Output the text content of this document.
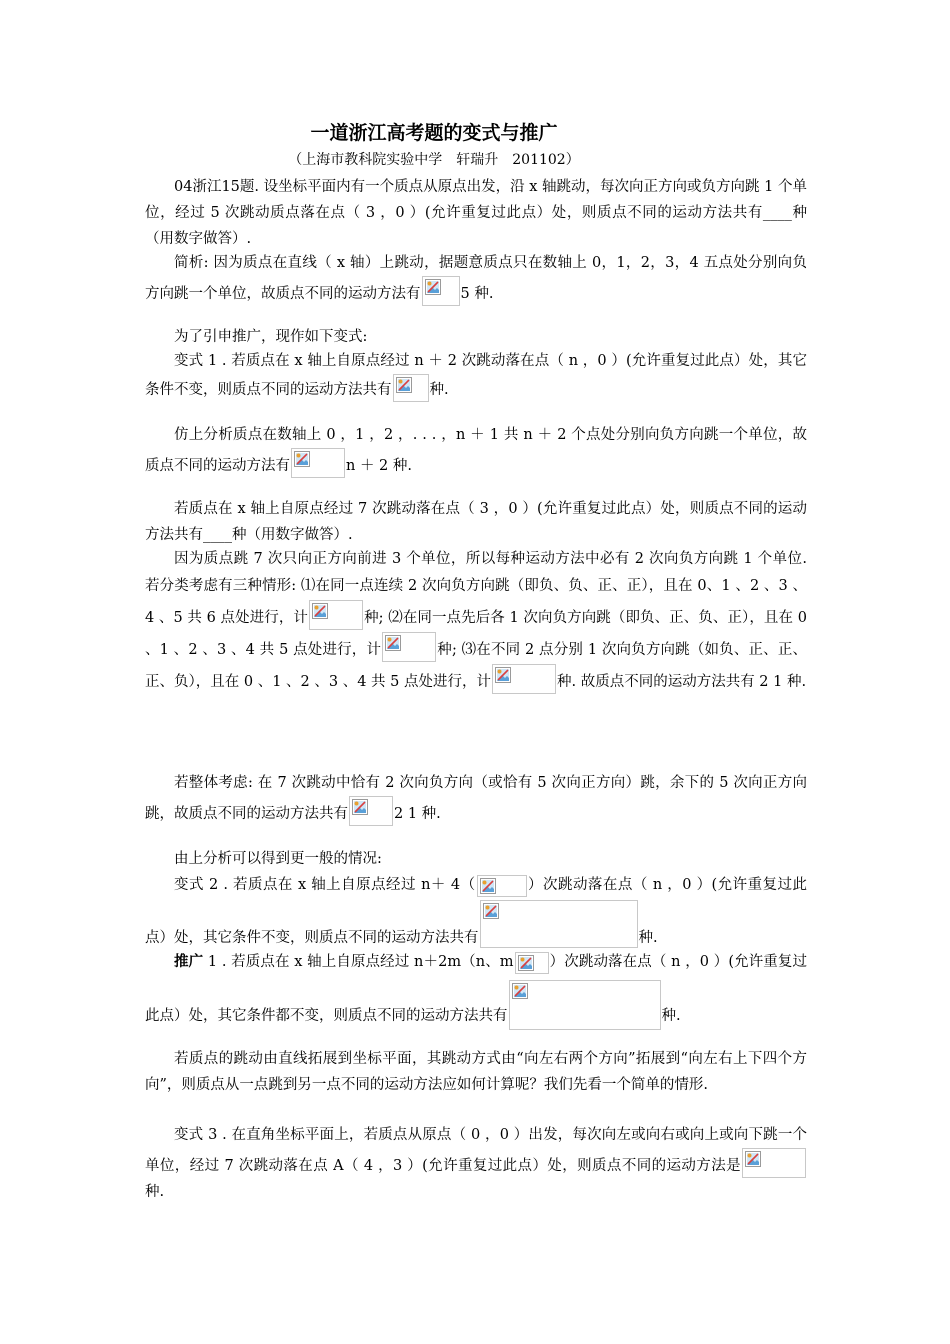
一道浙江高考题的变式与推广
（上海市教科院实验中学　轩瑞升　201102）

04浙江15题. 设坐标平面内有一个质点从原点出发，沿 x 轴跳动，每次向正方向或负方向跳 1 个单位，经过 5 次跳动质点落在点（ 3 ，0 ）(允许重复过此点）处，则质点不同的运动方法共有____种（用数字做答）.

简析: 因为质点在直线（ x 轴）上跳动，据题意质点只在数轴上 0，1，2，3，4 五点处分别向负方向跳一个单位，故质点不同的运动方法有	5 种.

为了引申推广，现作如下变式:

变式 1 . 若质点在 x 轴上自原点经过 n ＋ 2 次跳动落在点（ n ，0 ）(允许重复过此点）处，其它条件不变，则质点不同的运动方法共有	种.

仿上分析质点在数轴上 0 ，1 ，2 ，. . . ，n ＋ 1 共 n ＋ 2 个点处分别向负方向跳一个单位，故质点不同的运动方法有	n ＋ 2 种.

若质点在 x 轴上自原点经过 7 次跳动落在点（ 3 ，0 ）(允许重复过此点）处，则质点不同的运动方法共有____种（用数字做答）.

因为质点跳 7 次只向正方向前进 3 个单位，所以每种运动方法中必有 2 次向负方向跳 1 个单位. 若分类考虑有三种情形: ⑴在同一点连续 2 次向负方向跳（即负、负、正、正），且在 0、1 、2 、3 、4 、5 共 6 点处进行，计	种; ⑵在同一点先后各 1 次向负方向跳（即负、正、负、正），且在 0 、1 、2 、3 、4 共 5 点处进行，计	种; ⑶在不同 2 点分别 1 次向负方向跳（如负、正、正、正、负），且在 0 、1 、2 、3 、4 共 5 点处进行，计	种. 故质点不同的运动方法共有 2 1 种.

若整体考虑: 在 7 次跳动中恰有 2 次向负方向（或恰有 5 次向正方向）跳，余下的 5 次向正方向跳，故质点不同的运动方法共有	2 1 种.

由上分析可以得到更一般的情况:

变式 2 . 若质点在 x 轴上自原点经过 n＋ 4（	）次跳动落在点（ n ，0 ）(允许重复过此点）处，其它条件不变，则质点不同的运动方法共有	种.

推广 1 . 若质点在 x 轴上自原点经过 n＋2m（n、m ）次跳动落在点（ n ，0 ）(允许重复过此点）处，其它条件都不变，则质点不同的运动方法共有	种.

若质点的跳动由直线拓展到坐标平面，其跳动方式由“向左右两个方向”拓展到“向左右上下四个方向”，则质点从一点跳到另一点不同的运动方法应如何计算呢？我们先看一个简单的情形.

变式 3 . 在直角坐标平面上，若质点从原点（ 0 ，0 ）出发，每次向左或向右或向上或向下跳一个单位，经过 7 次跳动落在点 A（ 4 ，3 ）(允许重复过此点）处，则质点不同的运动方法是
种.
